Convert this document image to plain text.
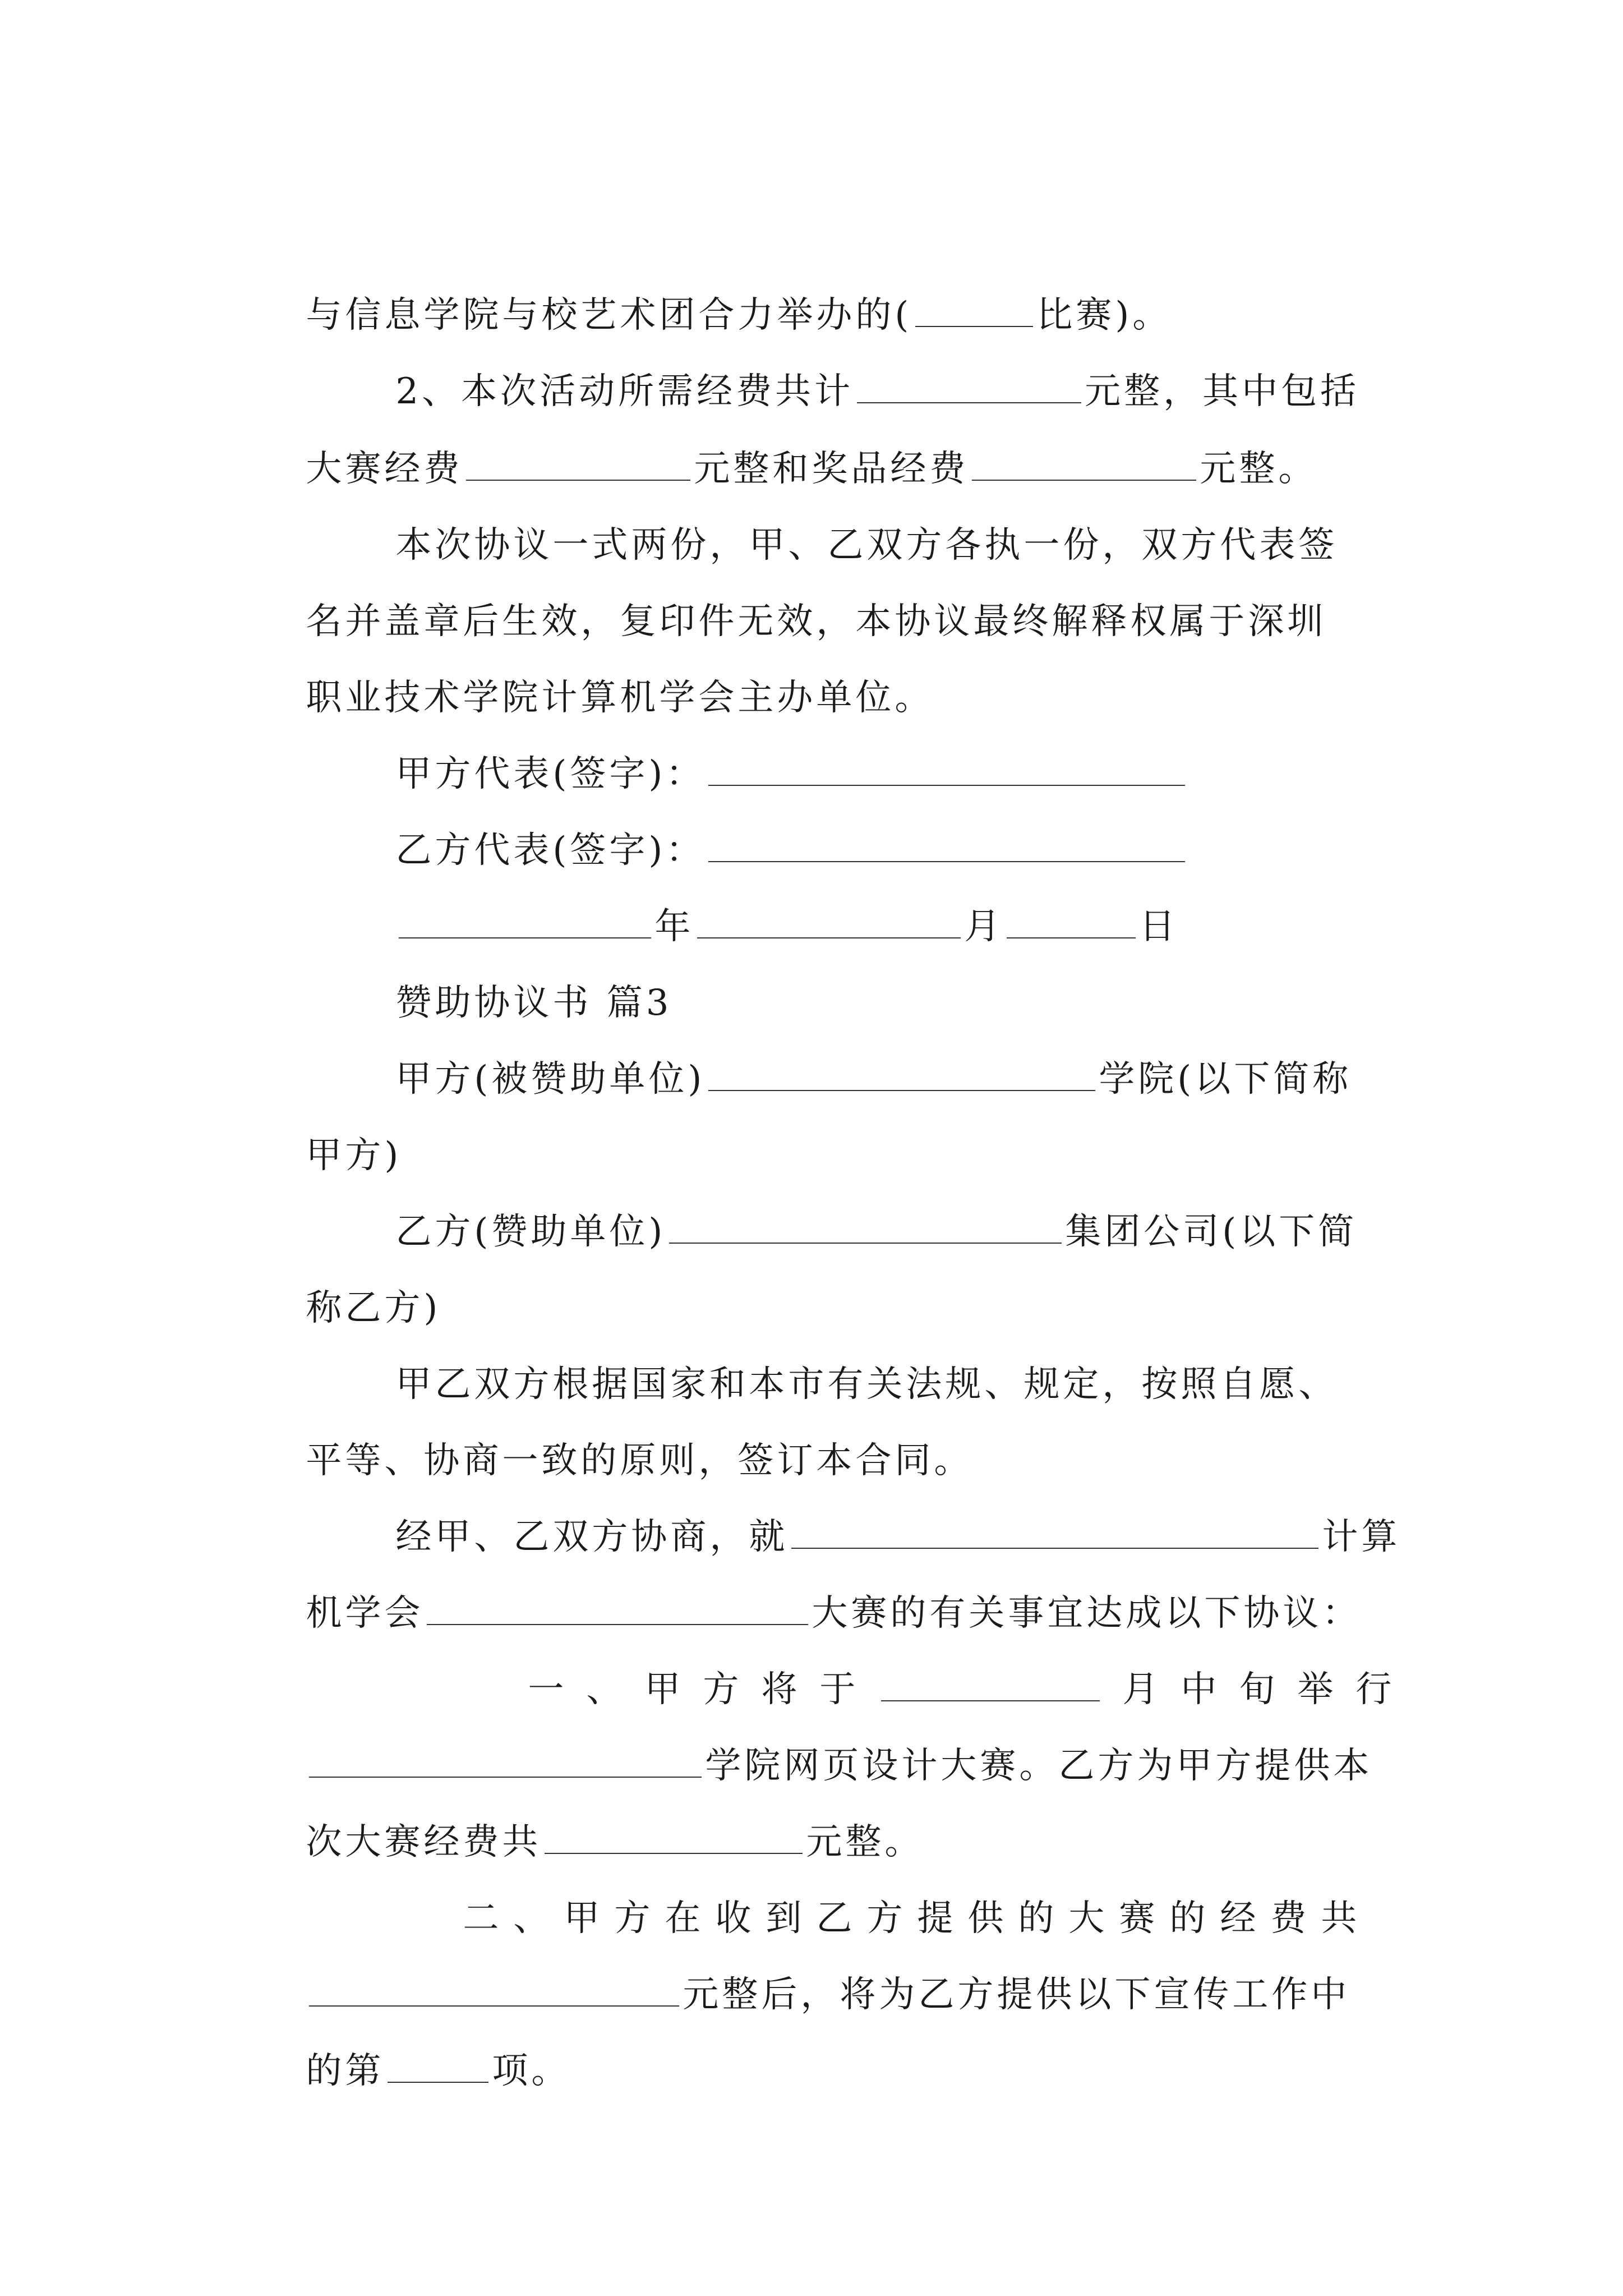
与信息学院与校艺术团合力举办的(	比赛)。

2、本次活动所需经费共计	元整，其中包括

大赛经费	元整和奖品经费	元整。

本次协议一式两份，甲、乙双方各执一份，双方代表签

名并盖章后生效，复印件无效，本协议最终解释权属于深圳

职业技术学院计算机学会主办单位。

甲方代表(签字)：

乙方代表(签字)：

年	月	日

赞助协议书 篇3

甲方(被赞助单位)	学院(以下简称

甲方)

乙方(赞助单位)	集团公司(以下简

称乙方)

甲乙双方根据国家和本市有关法规、规定，按照自愿、

平等、协商一致的原则，签订本合同。

经甲、乙双方协商，就	计算

机学会	大赛的有关事宜达成以下协议：

一、甲方将于	月中旬举行

学院网页设计大赛。乙方为甲方提供本

次大赛经费共	元整。

二、甲方在收到乙方提供的大赛的经费共

元整后，将为乙方提供以下宣传工作中

的第	项。
